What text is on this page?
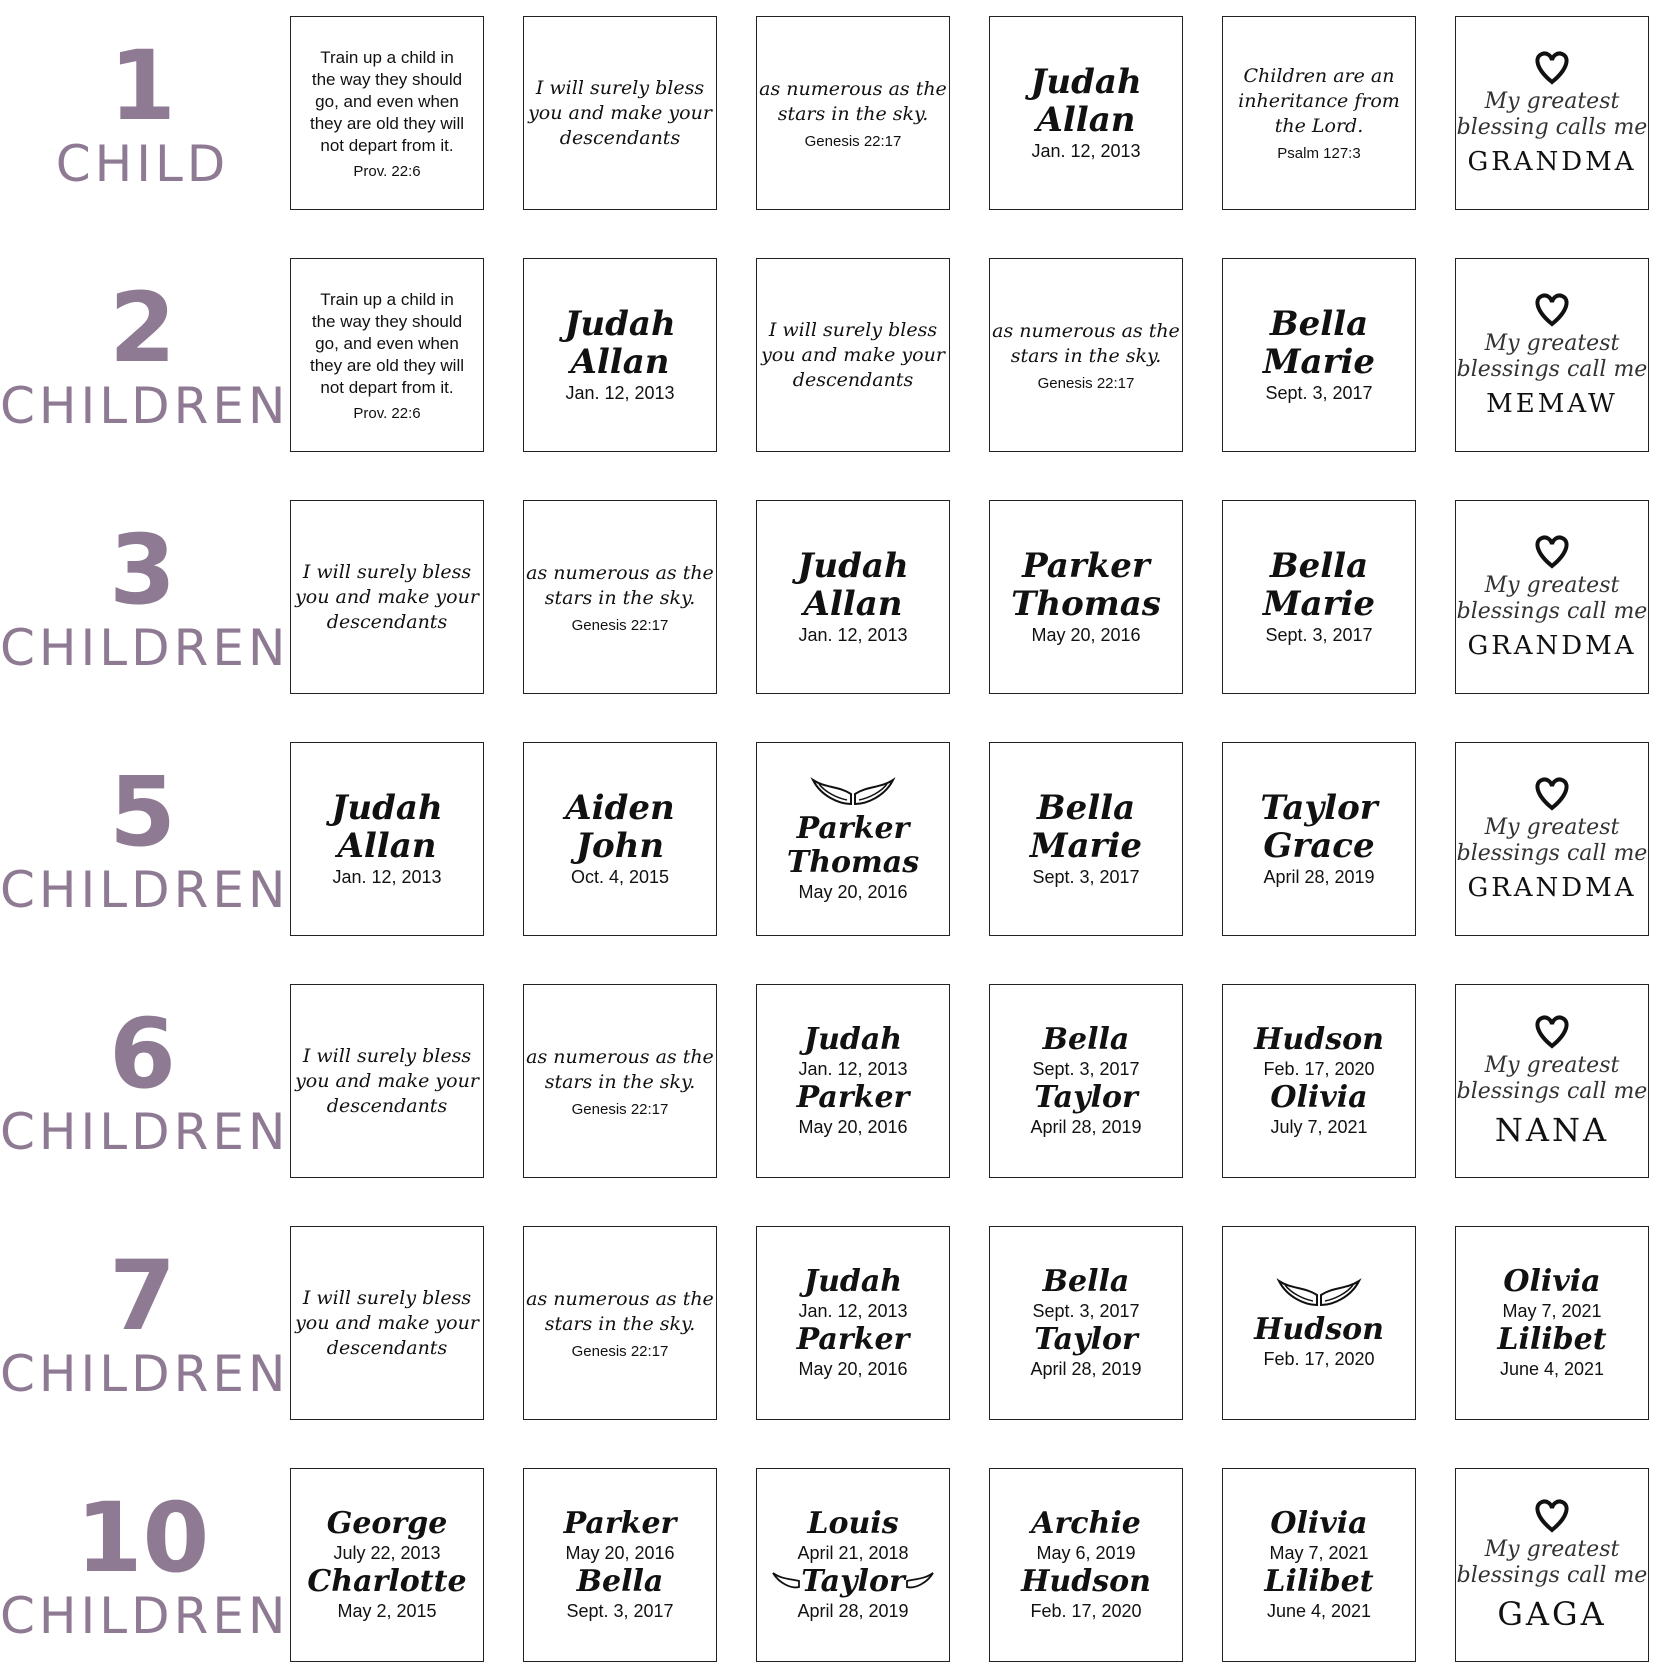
1
CHILD
Train up a child in the way they should go, and even when they are old they will not depart from it.
Prov. 22:6
I will surely bless you and make your descendants
as numerous as the stars in the sky.
Genesis 22:17
Judah
Allan
Jan. 12, 2013
Children are an inheritance from the Lord.
Psalm 127:3
My greatest blessing calls me
GRANDMA
2
CHILDREN
Train up a child in the way they should go, and even when they are old they will not depart from it.
Prov. 22:6
Judah
Allan
Jan. 12, 2013
I will surely bless you and make your descendants
as numerous as the stars in the sky.
Genesis 22:17
Bella
Marie
Sept. 3, 2017
My greatest blessings call me
MEMAW
3
CHILDREN
I will surely bless you and make your descendants
as numerous as the stars in the sky.
Genesis 22:17
Judah
Allan
Jan. 12, 2013
Parker
Thomas
May 20, 2016
Bella
Marie
Sept. 3, 2017
My greatest blessings call me
GRANDMA
5
CHILDREN
Judah
Allan
Jan. 12, 2013
Aiden
John
Oct. 4, 2015
Parker
Thomas
May 20, 2016
Bella
Marie
Sept. 3, 2017
Taylor
Grace
April 28, 2019
My greatest blessings call me
GRANDMA
6
CHILDREN
I will surely bless you and make your descendants
as numerous as the stars in the sky.
Genesis 22:17
Judah
Jan. 12, 2013
Parker
May 20, 2016
Bella
Sept. 3, 2017
Taylor
April 28, 2019
Hudson
Feb. 17, 2020
Olivia
July 7, 2021
My greatest blessings call me
NANA
7
CHILDREN
I will surely bless you and make your descendants
as numerous as the stars in the sky.
Genesis 22:17
Judah
Jan. 12, 2013
Parker
May 20, 2016
Bella
Sept. 3, 2017
Taylor
April 28, 2019
Hudson
Feb. 17, 2020
Olivia
May 7, 2021
Lilibet
June 4, 2021
10
CHILDREN
George
July 22, 2013
Charlotte
May 2, 2015
Parker
May 20, 2016
Bella
Sept. 3, 2017
Louis
April 21, 2018
Taylor
April 28, 2019
Archie
May 6, 2019
Hudson
Feb. 17, 2020
Olivia
May 7, 2021
Lilibet
June 4, 2021
My greatest blessings call me
GAGA
